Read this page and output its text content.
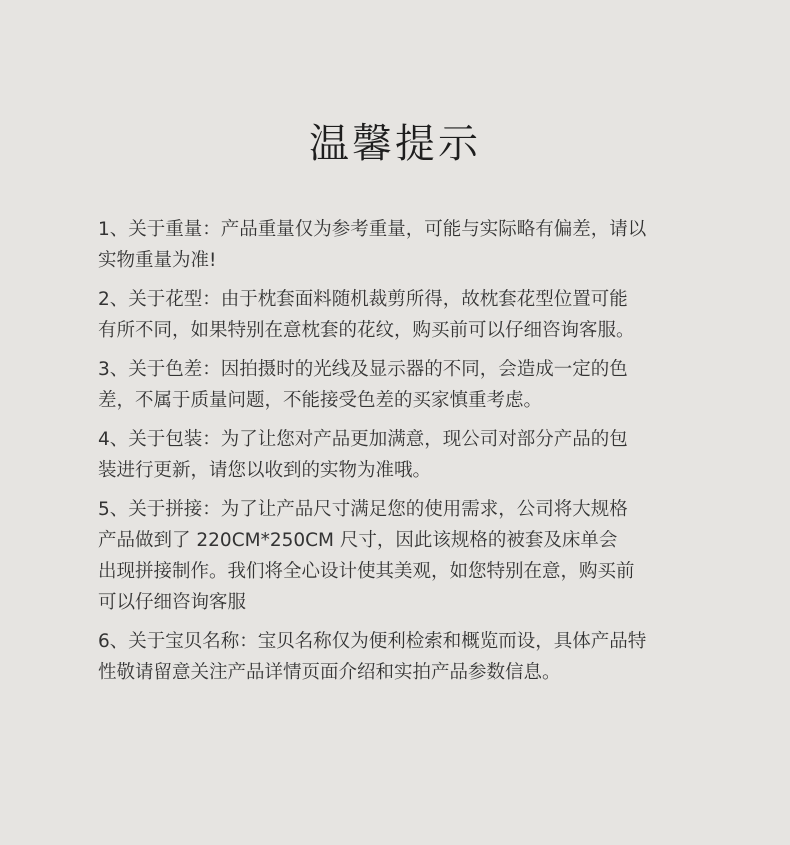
温馨提示

1、关于重量：产品重量仅为参考重量，可能与实际略有偏差，请以
实物重量为准!

2、关于花型：由于枕套面料随机裁剪所得，故枕套花型位置可能
有所不同，如果特别在意枕套的花纹，购买前可以仔细咨询客服。

3、关于色差：因拍摄时的光线及显示器的不同，会造成一定的色
差，不属于质量问题，不能接受色差的买家慎重考虑。

4、关于包装：为了让您对产品更加满意，现公司对部分产品的包
装进行更新，请您以收到的实物为准哦。

5、关于拼接：为了让产品尺寸满足您的使用需求，公司将大规格
产品做到了 220CM*250CM 尺寸，因此该规格的被套及床单会
出现拼接制作。我们将全心设计使其美观，如您特别在意，购买前
可以仔细咨询客服

6、关于宝贝名称：宝贝名称仅为便利检索和概览而设，具体产品特
性敬请留意关注产品详情页面介绍和实拍产品参数信息。
